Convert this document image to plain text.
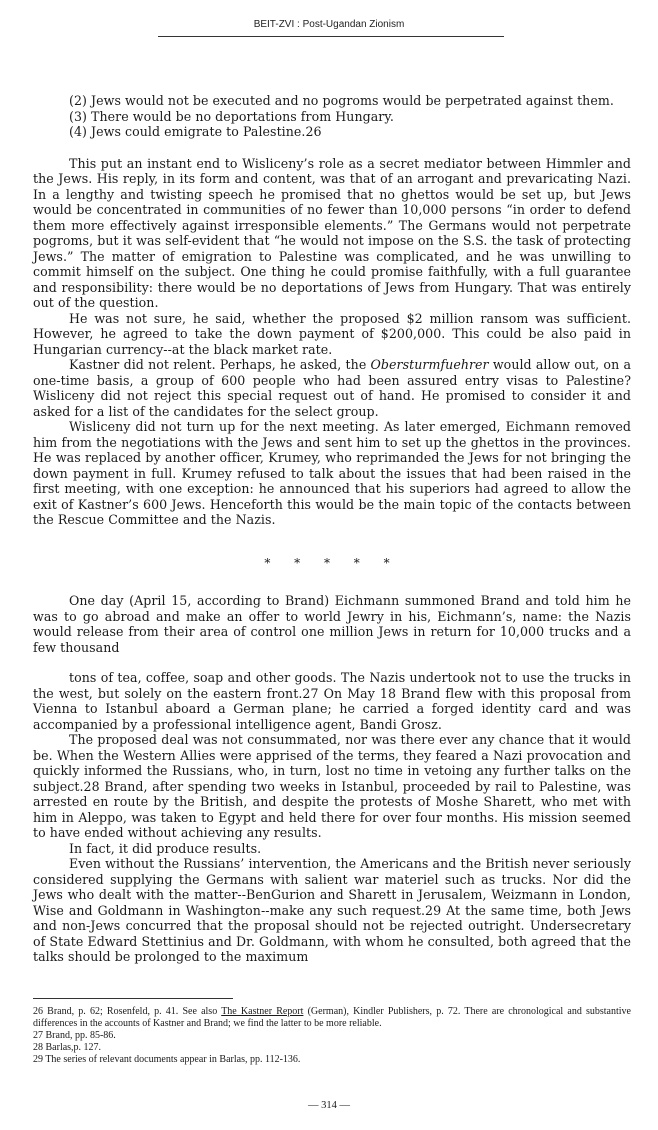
BEIT-ZVI : Post-Ugandan Zionism

(2) Jews would not be executed and no pogroms would be perpetrated against them.

(3) There would be no deportations from Hungary.

(4) Jews could emigrate to Palestine.26

This put an instant end to Wisliceny’s role as a secret mediator between Himmler and the Jews. His reply, in its form and content, was that of an arrogant and prevaricating Nazi. In a lengthy and twisting speech he promised that no ghettos would be set up, but Jews would be concentrated in communities of no fewer than 10,000 persons “in order to defend them more effectively against irresponsible elements.” The Germans would not perpetrate pogroms, but it was self-evident that “he would not impose on the S.S. the task of protecting Jews.” The matter of emigration to Palestine was complicated, and he was unwilling to commit himself on the subject. One thing he could promise faithfully, with a full guarantee and responsibility: there would be no deportations of Jews from Hungary. That was entirely out of the question.

He was not sure, he said, whether the proposed $2 million ransom was sufficient. However, he agreed to take the down payment of $200,000. This could be also paid in Hungarian currency--at the black market rate.

Kastner did not relent. Perhaps, he asked, the Obersturmfuehrer would allow out, on a one-time basis, a group of 600 people who had been assured entry visas to Palestine? Wisliceny did not reject this special request out of hand. He promised to consider it and asked for a list of the candidates for the select group.

Wisliceny did not turn up for the next meeting. As later emerged, Eichmann removed him from the negotiations with the Jews and sent him to set up the ghettos in the provinces. He was replaced by another officer, Krumey, who reprimanded the Jews for not bringing the down payment in full. Krumey refused to talk about the issues that had been raised in the first meeting, with one exception: he announced that his superiors had agreed to allow the exit of Kastner’s 600 Jews. Henceforth this would be the main topic of the contacts between the Rescue Committee and the Nazis.

* * * * *

One day (April 15, according to Brand) Eichmann summoned Brand and told him he was to go abroad and make an offer to world Jewry in his, Eichmann’s, name: the Nazis would release from their area of control one million Jews in return for 10,000 trucks and a few thousand

tons of tea, coffee, soap and other goods. The Nazis undertook not to use the trucks in the west, but solely on the eastern front.27 On May 18 Brand flew with this proposal from Vienna to Istanbul aboard a German plane; he carried a forged identity card and was accompanied by a professional intelligence agent, Bandi Grosz.

The proposed deal was not consummated, nor was there ever any chance that it would be. When the Western Allies were apprised of the terms, they feared a Nazi provocation and quickly informed the Russians, who, in turn, lost no time in vetoing any further talks on the subject.28 Brand, after spending two weeks in Istanbul, proceeded by rail to Palestine, was arrested en route by the British, and despite the protests of Moshe Sharett, who met with him in Aleppo, was taken to Egypt and held there for over four months. His mission seemed to have ended without achieving any results.

In fact, it did produce results.

Even without the Russians’ intervention, the Americans and the British never seriously considered supplying the Germans with salient war materiel such as trucks. Nor did the Jews who dealt with the matter--BenGurion and Sharett in Jerusalem, Weizmann in London, Wise and Goldmann in Washington--make any such request.29 At the same time, both Jews and non-Jews concurred that the proposal should not be rejected outright. Undersecretary of State Edward Stettinius and Dr. Goldmann, with whom he consulted, both agreed that the talks should be prolonged to the maximum

26 Brand, p. 62; Rosenfeld, p. 41. See also The Kastner Report (German), Kindler Publishers, p. 72. There are chronological and substantive differences in the accounts of Kastner and Brand; we find the latter to be more reliable.

27 Brand, pp. 85-86.

28 Barlas,p. 127.

29 The series of relevant documents appear in Barlas, pp. 112-136.

— 314 —
